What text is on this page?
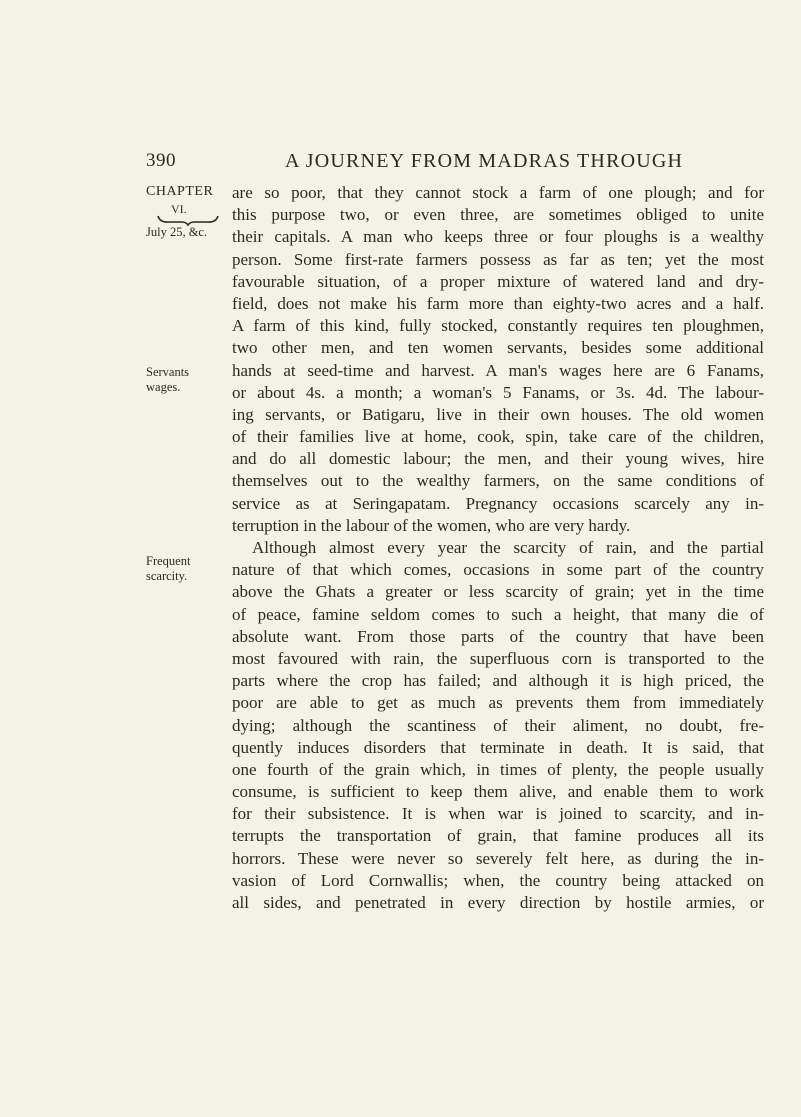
390	A JOURNEY FROM MADRAS THROUGH
CHAPTER
VI.
July 25, &c.
Servants wages.
Frequent scarcity.
are so poor, that they cannot stock a farm of one plough; and for
this purpose two, or even three, are sometimes obliged to unite
their capitals. A man who keeps three or four ploughs is a wealthy
person. Some first-rate farmers possess as far as ten; yet the most
favourable situation, of a proper mixture of watered land and dry-
field, does not make his farm more than eighty-two acres and a half.
A farm of this kind, fully stocked, constantly requires ten ploughmen,
two other men, and ten women servants, besides some additional
hands at seed-time and harvest. A man's wages here are 6 Fanams,
or about 4s. a month; a woman's 5 Fanams, or 3s. 4d. The labour-
ing servants, or Batigaru, live in their own houses. The old women
of their families live at home, cook, spin, take care of the children,
and do all domestic labour; the men, and their young wives, hire
themselves out to the wealthy farmers, on the same conditions of
service as at Seringapatam. Pregnancy occasions scarcely any in-
terruption in the labour of the women, who are very hardy.
Although almost every year the scarcity of rain, and the partial
nature of that which comes, occasions in some part of the country
above the Ghats a greater or less scarcity of grain; yet in the time
of peace, famine seldom comes to such a height, that many die of
absolute want. From those parts of the country that have been
most favoured with rain, the superfluous corn is transported to the
parts where the crop has failed; and although it is high priced, the
poor are able to get as much as prevents them from immediately
dying; although the scantiness of their aliment, no doubt, fre-
quently induces disorders that terminate in death. It is said, that
one fourth of the grain which, in times of plenty, the people usually
consume, is sufficient to keep them alive, and enable them to work
for their subsistence. It is when war is joined to scarcity, and in-
terrupts the transportation of grain, that famine produces all its
horrors. These were never so severely felt here, as during the in-
vasion of Lord Cornwallis; when, the country being attacked on
all sides, and penetrated in every direction by hostile armies, or
